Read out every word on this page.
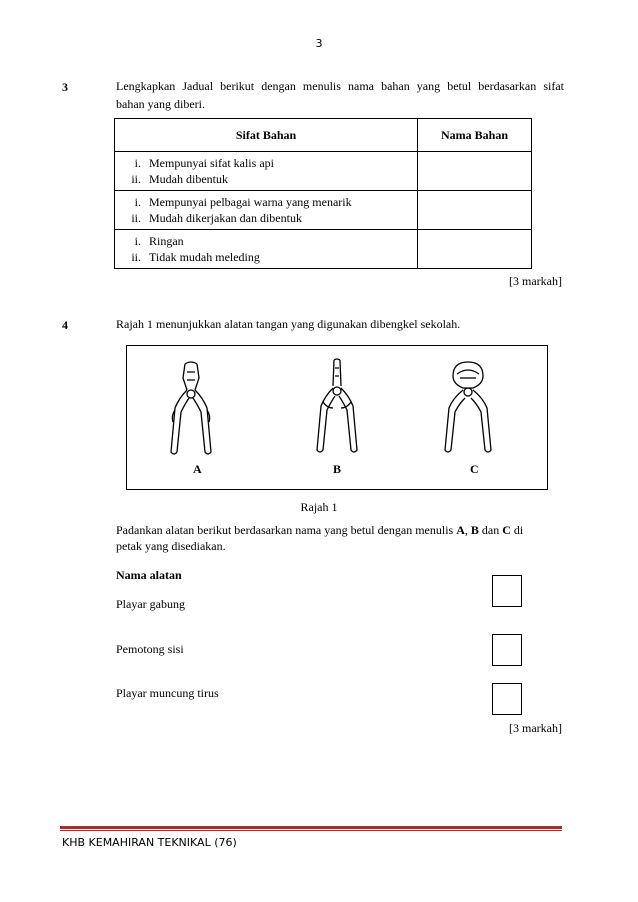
3
3	Lengkapkan Jadual berikut dengan menulis nama bahan yang betul berdasarkan sifat
bahan yang diberi.
Sifat Bahan	Nama Bahan

i. Mempunyai sifat kalis api
ii. Mudah dibentuk	

i. Mempunyai pelbagai warna yang menarik
ii. Mudah dikerjakan dan dibentuk	

i. Ringan
ii. Tidak mudah meleding	

[3 markah]
4	Rajah 1 menunjukkan alatan tangan yang digunakan dibengkel sekolah.
A	B	C
Rajah 1
Padankan alatan berikut berdasarkan nama yang betul dengan menulis A, B dan C di
petak yang disediakan.
Nama alatan
Playar gabung
Pemotong sisi
Playar muncung tirus
[3 markah]
KHB KEMAHIRAN TEKNIKAL (76)
